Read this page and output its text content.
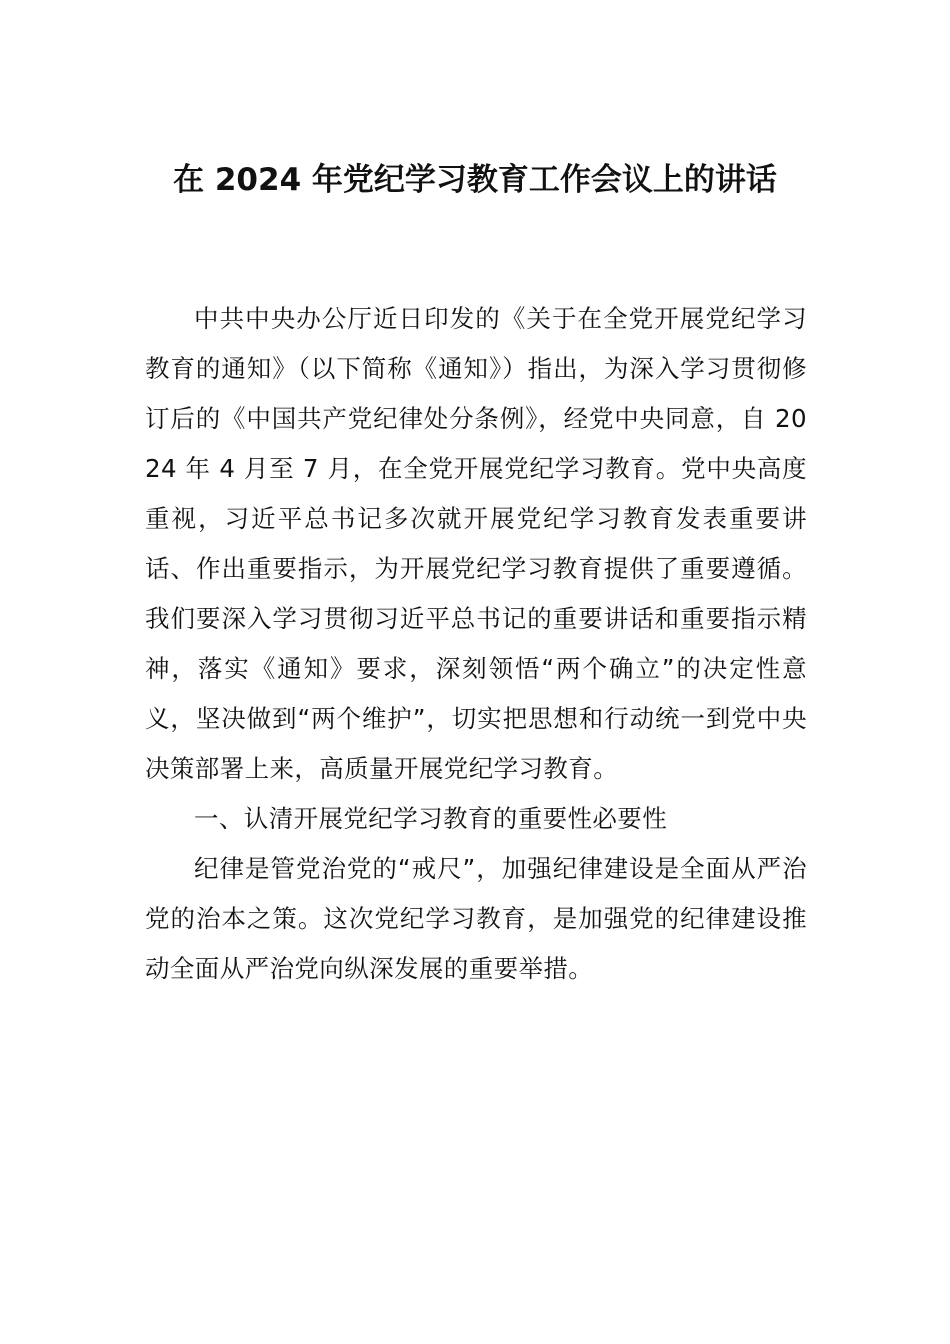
在 2024 年党纪学习教育工作会议上的讲话

中共中央办公厅近日印发的《关于在全党开展党纪学习教育的通知》（以下简称《通知》）指出，为深入学习贯彻修订后的《中国共产党纪律处分条例》，经党中央同意，自 2024 年 4 月至 7 月，在全党开展党纪学习教育。党中央高度重视，习近平总书记多次就开展党纪学习教育发表重要讲话、作出重要指示，为开展党纪学习教育提供了重要遵循。我们要深入学习贯彻习近平总书记的重要讲话和重要指示精神，落实《通知》要求，深刻领悟“两个确立”的决定性意义，坚决做到“两个维护”，切实把思想和行动统一到党中央决策部署上来，高质量开展党纪学习教育。

一、认清开展党纪学习教育的重要性必要性

纪律是管党治党的“戒尺”，加强纪律建设是全面从严治党的治本之策。这次党纪学习教育，是加强党的纪律建设推动全面从严治党向纵深发展的重要举措。
